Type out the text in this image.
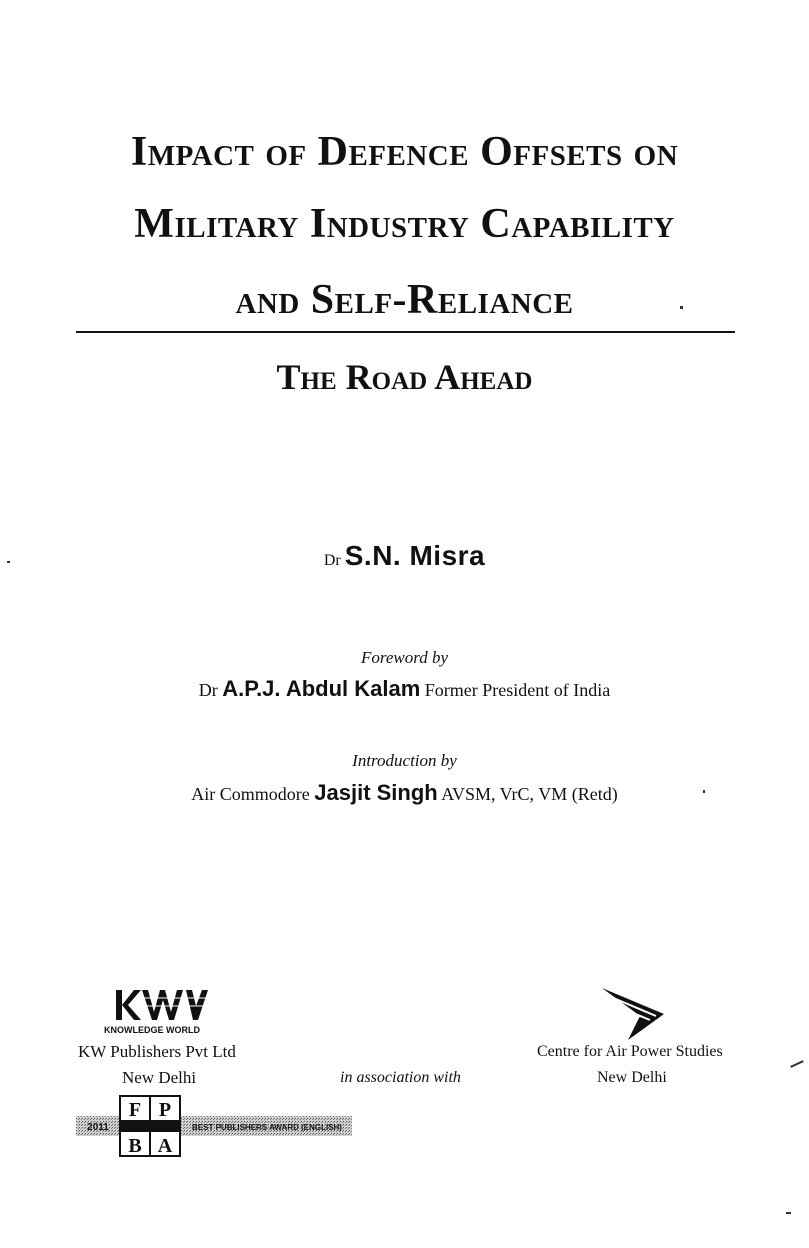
Impact of Defence Offsets on
Military Industry Capability
and Self-Reliance
The Road Ahead
Dr S.N. Misra
Foreword by
Dr A.P.J. Abdul Kalam Former President of India
Introduction by
Air Commodore Jasjit Singh AVSM, VrC, VM (Retd)
KNOWLEDGE WORLD
KW Publishers Pvt Ltd
New Delhi	in association with
Centre for Air Power Studies
New Delhi
F P
B A
2011	BEST PUBLISHERS AWARD (ENGLISH)
